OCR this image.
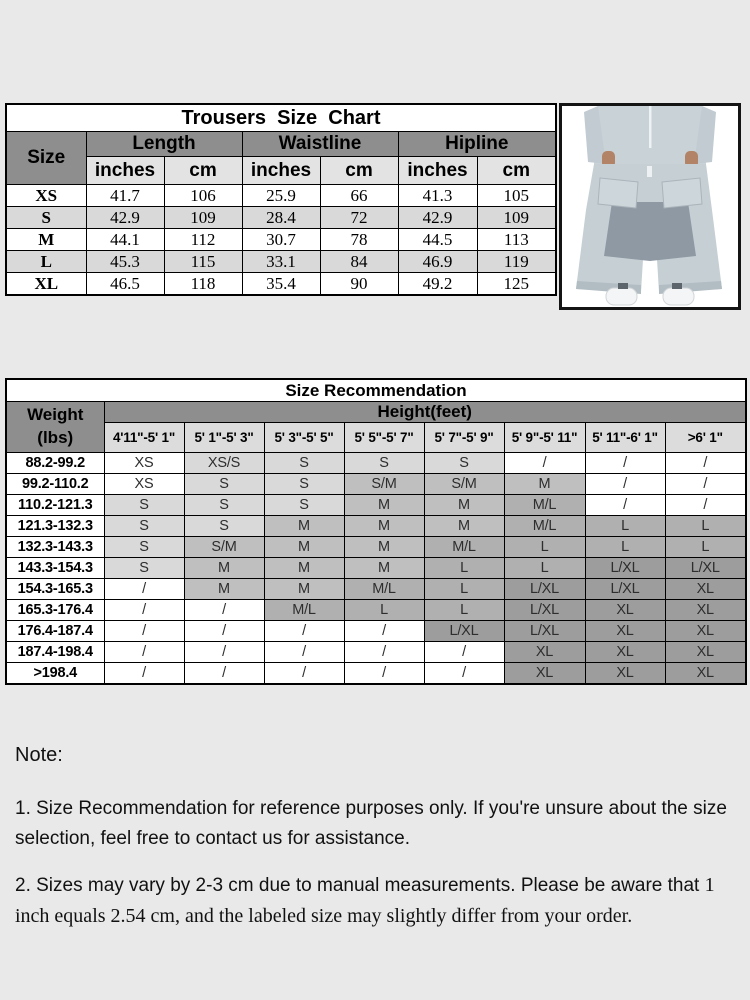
Trousers  Size  Chart						
Size	Length		Waistline		Hipline	
	inches	cm	inches	cm	inches	cm
XS	41.7	106	25.9	66	41.3	105
S	42.9	109	28.4	72	42.9	109
M	44.1	112	30.7	78	44.5	113
L	45.3	115	33.1	84	46.9	119
XL	46.5	118	35.4	90	49.2	125
Size Recommendation								

Weight
(lbs)	Height(feet)							
	4'11"-5' 1"	5' 1"-5' 3"	5' 3"-5' 5"	5' 5"-5' 7"	5' 7"-5' 9"	5' 9"-5' 11"	5' 11"-6' 1"	>6' 1"
88.2-99.2	XS	XS/S	S	S	S	/	/	/
99.2-110.2	XS	S	S	S/M	S/M	M	/	/
110.2-121.3	S	S	S	M	M	M/L	/	/
121.3-132.3	S	S	M	M	M	M/L	L	L
132.3-143.3	S	S/M	M	M	M/L	L	L	L
143.3-154.3	S	M	M	M	L	L	L/XL	L/XL
154.3-165.3	/	M	M	M/L	L	L/XL	L/XL	XL
165.3-176.4	/	/	M/L	L	L	L/XL	XL	XL
176.4-187.4	/	/	/	/	L/XL	L/XL	XL	XL
187.4-198.4	/	/	/	/	/	XL	XL	XL
>198.4	/	/	/	/	/	XL	XL	XL
Note:

1. Size Recommendation for reference purposes only. If you're unsure about the size selection, feel free to contact us for assistance.

2. Sizes may vary by 2-3 cm due to manual measurements. Please be aware that 1 inch equals 2.54 cm, and the labeled size may slightly differ from your order.
